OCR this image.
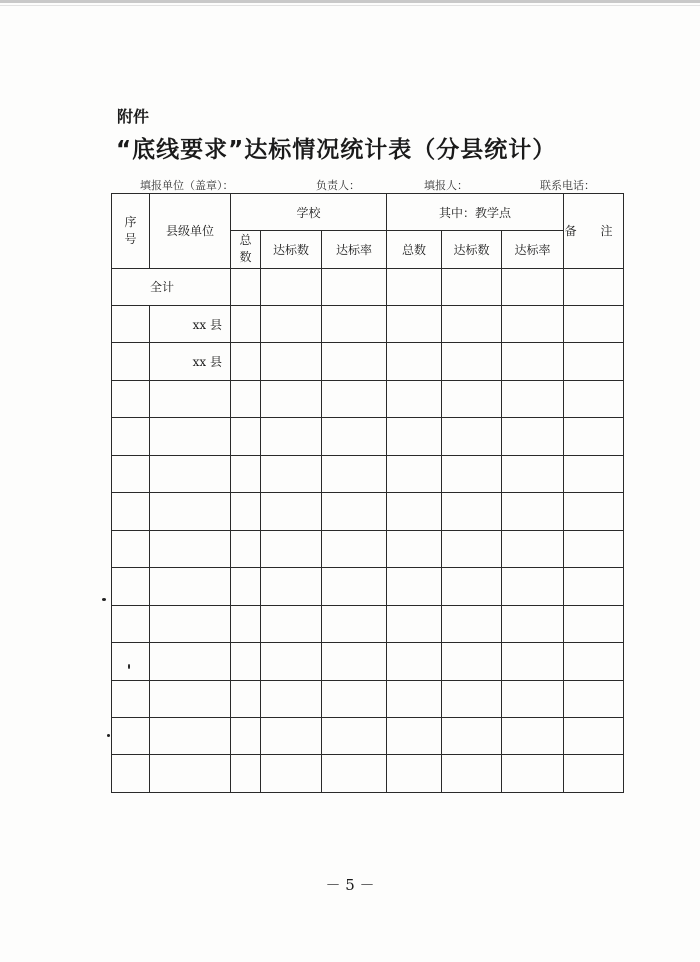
附件
“底线要求”达标情况统计表（分县统计）
填报单位（盖章）：	负责人：	填报人：	联系电话：
序号	县级单位	学校			其中：教学点			备 注

		总数	达标数	达标率	总数	达标数	达标率	
全计								
	xx 县							
	xx 县							

－ 5 －
